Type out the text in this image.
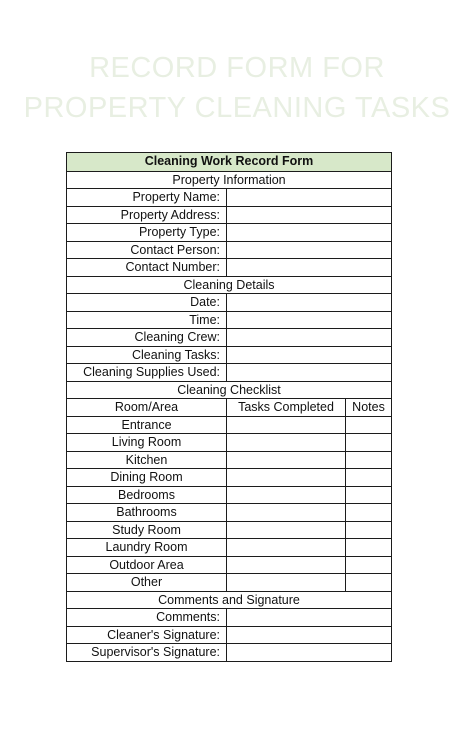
RECORD FORM FOR
PROPERTY CLEANING TASKS
Cleaning Work Record Form
Property Information
Property Name:
Property Address:
Property Type:
Contact Person:
Contact Number:
Cleaning Details
Date:
Time:
Cleaning Crew:
Cleaning Tasks:
Cleaning Supplies Used:
Cleaning Checklist
Room/Area	Tasks Completed	Notes
Entrance
Living Room
Kitchen
Dining Room
Bedrooms
Bathrooms
Study Room
Laundry Room
Outdoor Area
Other
Comments and Signature
Comments:
Cleaner's Signature:
Supervisor's Signature:
